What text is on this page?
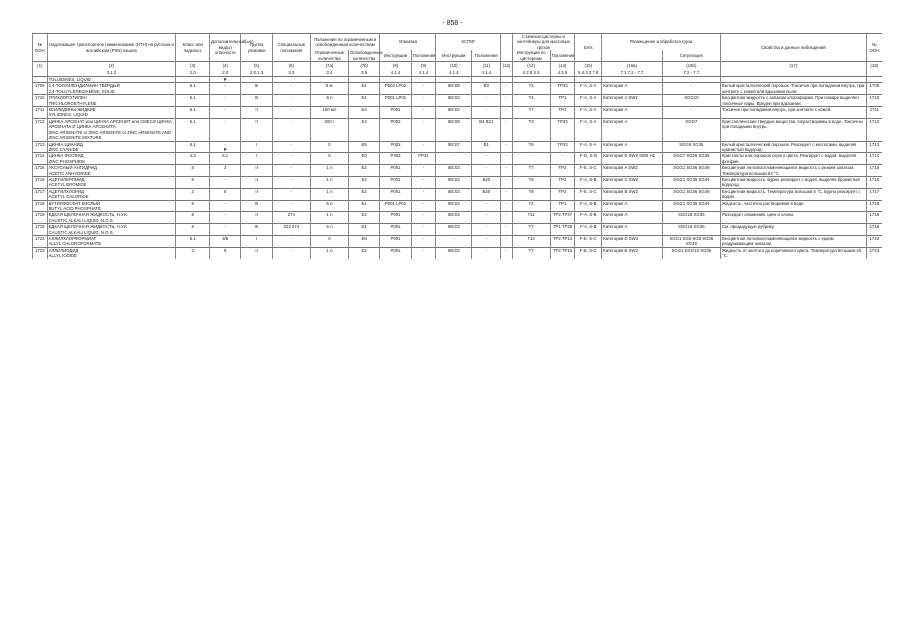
- 858 -
№ ООН	Надлежащее транспортное наименование (НТН) на русском и английском (PSN) языках	Класс или подкласс	Дополнительный(ые) вид(ы) опасности	Группа упаковки	Специальные положения	Положения по ограниченным и освобожденным количествам		Упаковка		КСГМГ			Съемные цистерны и контейнеры для массовых грузов		Ems	Размещение и обработка груза		Свойства и данные наблюдений	№ ООН
						Ограниченные количества	Освобожденные количества	Инструкции	Положения	Инструкции	Положения		Инструкции по цистернам	Положения			Сегрегация		
(1)	(2)	(3)	(4)	(5)	(6)	(7a)	(7b)	(8)	(9)	(10)	(11)	(12)	(13)	(14)	(15)	(16a)	(16b)	(17)	(18)
	3.1.2	2.0	2.0	2.0.1.3	3.3	3.4	3.5	4.1.4	4.1.4	4.1.4	4.1.4		4.2.5 4.3	4.2.5	5.4.3.2 7.8	7.1 7.2 - 7.7	7.2 - 7.7		
	TOLUIDINES, LIQUID		P																
1709	2,4-ТОЛУИЛЕНДИАМИН ТВЕРДЫЙ
2,4-TOLUYLENEDIAMINE, SOLID	6.1	-	III	-	5 кг	E1	P002 LP02	-	IBC08	B3	-	T1	TP33	F-A, S-A	Категория A	-	Белый кристаллический порошок. Токсичен при попадании внутрь, при контакте с кожей или вдыхании пыли.	1709
1710	ТРИХЛОРЭТИЛЕН
TRICHLOROETHYLENE	6.1	-	III	-	5 л	E1	P001 LP01	-	IBC03	-	-	T4	TP1	F-A, S-A	Категория A SW2	SGG10	Бесцветная жидкость с запахом хлороформа. При пожаре выделяет токсичные пары. Вреден при вдыхании.	1710
1711	КСИЛИДИНЫ ЖИДКИЕ
XYLIDINES, LIQUID	6.1	-	II	-	100 мл	E4	P001	-	IBC02	-	-	T7	TP2	F-A, S-A	Категория A	-	Токсичен при попадании внутрь, при контакте с кожей.	1711
1712	ЦИНКА АРСЕНАТ или ЦИНКА АРСЕНИТ или СМЕСИ ЦИНКА АРСЕНАТА И ЦИНКА АРСЕНИТА
ZINC ARSENATE or ZINC ARSENITE or ZINC ARSENATE AND ZINC ARSENITE MIXTURE	6.1	-	II	-	500 г	E4	P002	-	IBC08	B4 B21	-	T3	TP33	F-A, S-A	Категория A	SGG7	Кристаллические твердые вещества. Нерастворимы в воде. Токсичны при попадании внутрь.	1712
1713	ЦИНКА ЦИАНИД
ZINC CYANIDE	6.1	-
P	I	-	0	E5	P002	-	IBC07	B1	-	T6	TP33	F-A, S-A	Категория A	SGG6 SG35	Белый кристаллический порошок. Реагирует с кислотами, выделяя цианистый водород.	1713
1714	ЦИНКА ФОСФИД
ZINC PHOSPHIDE	4.3	6.1	I	-	0	E0	P403	PP31	-	-	-	-	-	F-G, S-N	Категория E SW2 SW5 H1	SGG7 SG26 SG35	Кристаллы или порошок серого цвета. Реагирует с водой, выделяя фосфин.	1714
1715	УКСУСНЫЙ АНГИДРИД
ACETIC ANHYDRIDE	8	3	II	-	1 л	E2	P001	-	IBC02	-	-	T7	TP2	F-E, S-C	Категория A SW2	SGG1 SG36 SG49	Бесцветная легковоспламеняющаяся жидкость с резким запахом. Температура вспышки 54 °C.	1715
1716	АЦЕТИЛБРОМИД
ACETYL BROMIDE	8	-	II	-	1 л	E2	P001	-	IBC02	B20	-	T8	TP2	F-A, S-B	Категория C SW2	SGG1 SG36 SG49	Бесцветная жидкость. Бурно реагирует с водой, выделяя бромистый водород.	1716
1717	АЦЕТИЛХЛОРИД
ACETYL CHLORIDE	3	8	II	-	1 л	E2	P001	-	IBC02	B20	-	T8	TP2	F-E, S-C	Категория B SW2	SGG1 SG36 SG49	Бесцветная жидкость. Температура вспышки 5 °C. Бурно реагирует с водой.	1717
1718	БУТИЛФОСФАТ КИСЛЫЙ
BUTYL ACID PHOSPHATE	8	-	III	-	5 л	E1	P001 LP01	-	IBC03	-	-	T4	TP1	F-A, S-B	Категория A	SGG1 SG36 SG49	Жидкость, частично растворимая в воде.	1718
1719	ЕДКАЯ ЩЕЛОЧНАЯ ЖИДКОСТЬ, Н.У.К.
CAUSTIC ALKALI LIQUID, N.O.S.	8	-	II	274	1 л	E2	P001	-	IBC02	-	-	T11	TP2 TP27	F-A, S-B	Категория A	SGG18 SG35	Разъедает алюминий, цинк и олово.	1719
1719	ЕДКАЯ ЩЕЛОЧНАЯ ЖИДКОСТЬ, Н.У.К.
CAUSTIC ALKALI LIQUID, N.O.S.	8	-	III	223 274	5 л	E1	P001	-	IBC03	-	-	T7	TP1 TP28	F-A, S-B	Категория A	SGG18 SG35	См. предыдущую рубрику.	1719
1722	АЛЛИЛХЛОРФОРМИАТ
ALLYL CHLOROFORMATE	6.1	3/8	I	-	0	E0	P001	-	-	-	-	T14	TP2 TP13	F-E, S-C	Категория D SW2	SGG1 SG5 SG8 SG36 SG49	Бесцветная легковоспламеняющаяся жидкость с едким раздражающим запахом.	1722
1723	АЛЛИЛИОДИД
ALLYL IODIDE	3	8	II	-	1 л	E2	P001	-	IBC02	-	-	T7	TP2 TP13	F-E, S-C	Категория B SW2	SGG1 SGG10 SG36	Жидкость от желтого до коричневого цвета. Температура вспышки 18 °C.	1723
